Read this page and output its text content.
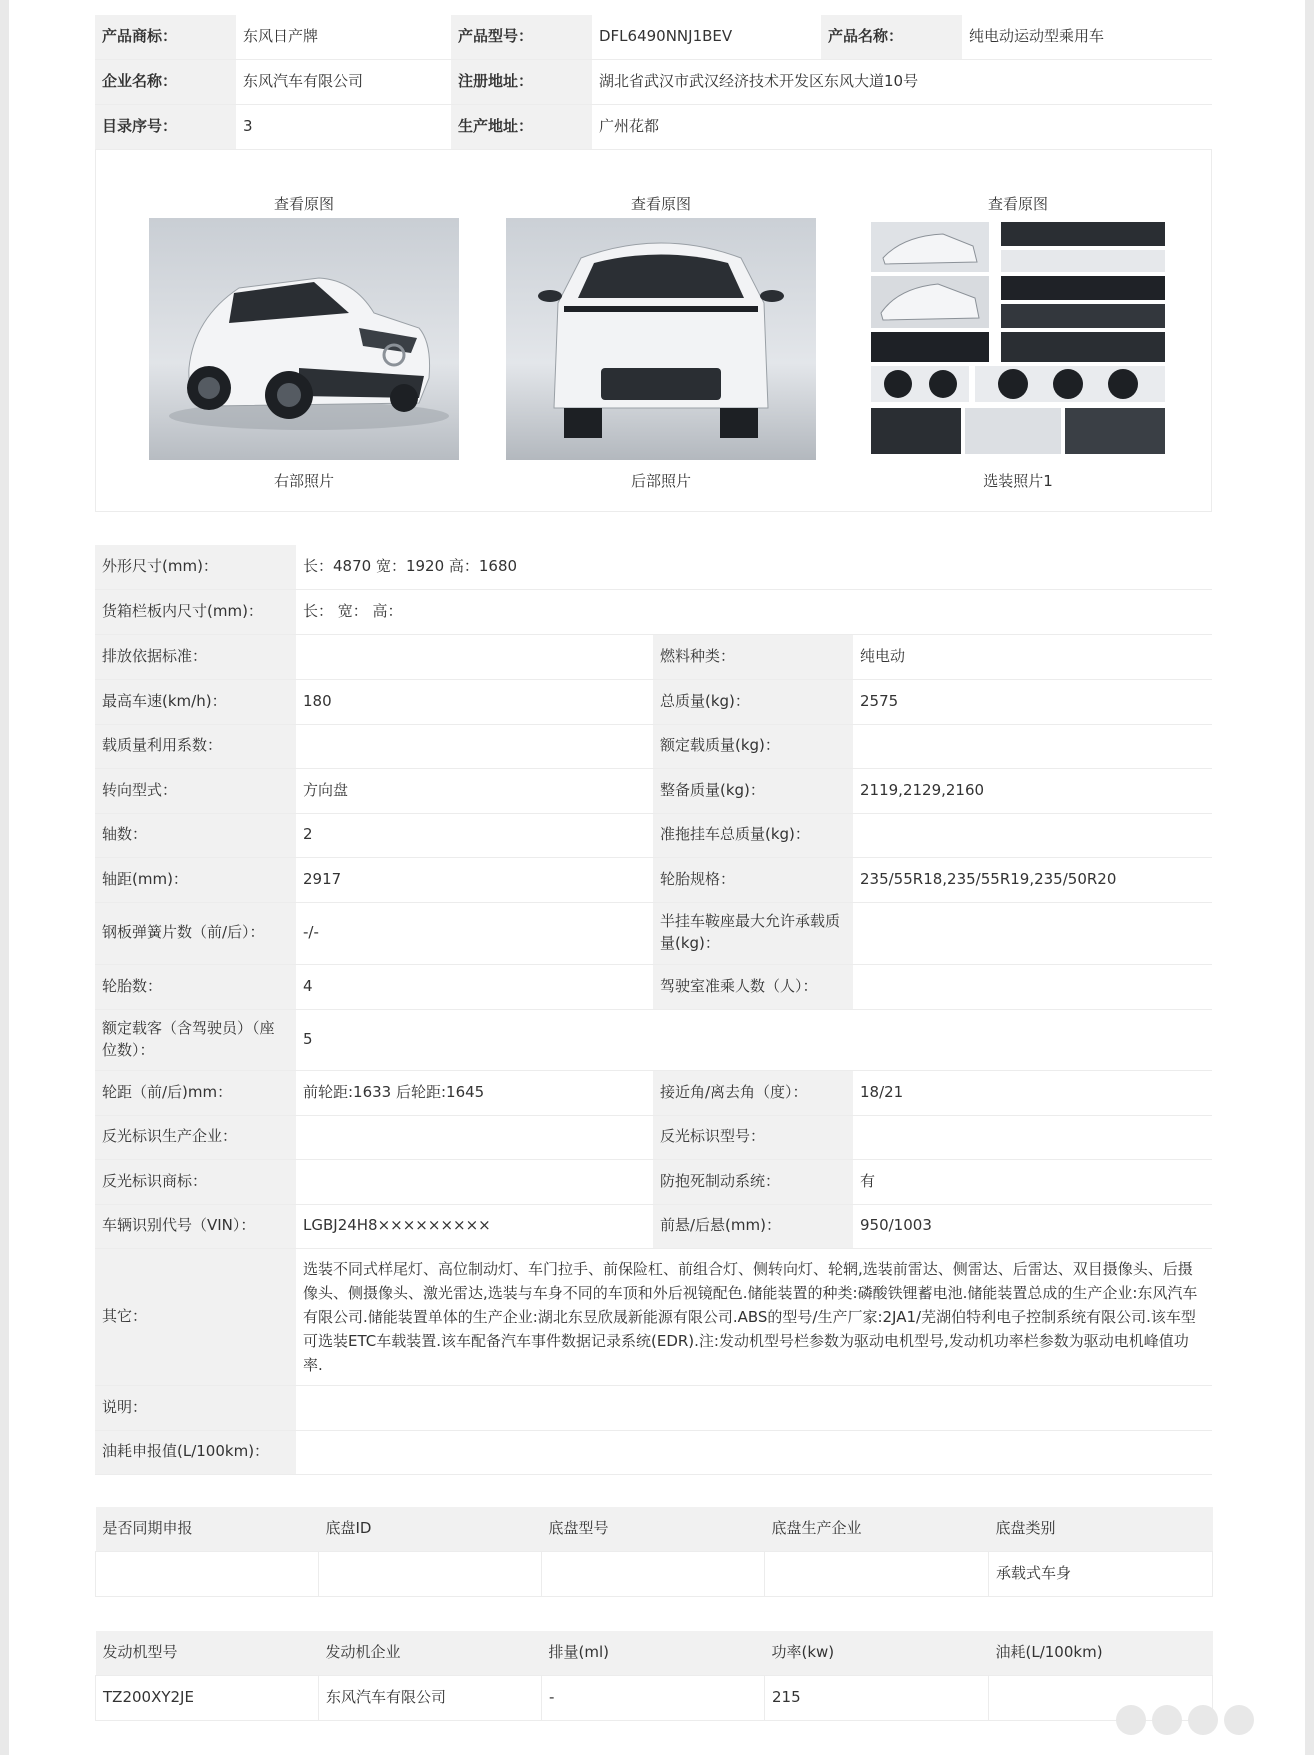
产品商标：	东风日产牌	产品型号：	DFL6490NNJ1BEV	产品名称：	纯电动运动型乘用车
企业名称：	东风汽车有限公司	注册地址：	湖北省武汉市武汉经济技术开发区东风大道10号		
目录序号：	3	生产地址：	广州花都		
查看原图
右部照片
查看原图
后部照片
查看原图
选装照片1
外形尺寸(mm)：	长：4870 宽：1920 高：1680		
货箱栏板内尺寸(mm)：	长： 宽： 高：		
排放依据标准：		燃料种类：	纯电动
最高车速(km/h)：	180	总质量(kg)：	2575
载质量利用系数：		额定载质量(kg)：	
转向型式：	方向盘	整备质量(kg)：	2119,2129,2160
轴数：	2	准拖挂车总质量(kg)：	
轴距(mm)：	2917	轮胎规格：	235/55R18,235/55R19,235/50R20
钢板弹簧片数（前/后）：	-/-	半挂车鞍座最大允许承载质量(kg)：	
轮胎数：	4	驾驶室准乘人数（人）：	
额定载客（含驾驶员）（座位数）：	5		
轮距（前/后)mm：	前轮距:1633 后轮距:1645	接近角/离去角（度）：	18/21
反光标识生产企业：		反光标识型号：	
反光标识商标：		防抱死制动系统：	有
车辆识别代号（VIN）：	LGBJ24H8×××××××××	前悬/后悬(mm)：	950/1003
其它：	选装不同式样尾灯、高位制动灯、车门拉手、前保险杠、前组合灯、侧转向灯、轮辋,选装前雷达、侧雷达、后雷达、双目摄像头、后摄像头、侧摄像头、激光雷达,选装与车身不同的车顶和外后视镜配色.储能装置的种类:磷酸铁锂蓄电池.储能装置总成的生产企业:东风汽车有限公司.储能装置单体的生产企业:湖北东昱欣晟新能源有限公司.ABS的型号/生产厂家:2JA1/芜湖伯特利电子控制系统有限公司.该车型可选装ETC车载装置.该车配备汽车事件数据记录系统(EDR).注:发动机型号栏参数为驱动电机型号,发动机功率栏参数为驱动电机峰值功率.		
说明：			
油耗申报值(L/100km)：			
是否同期申报	底盘ID	底盘型号	底盘生产企业	底盘类别
				承载式车身
发动机型号	发动机企业	排量(ml)	功率(kw)	油耗(L/100km)
TZ200XY2JE	东风汽车有限公司	-	215	
